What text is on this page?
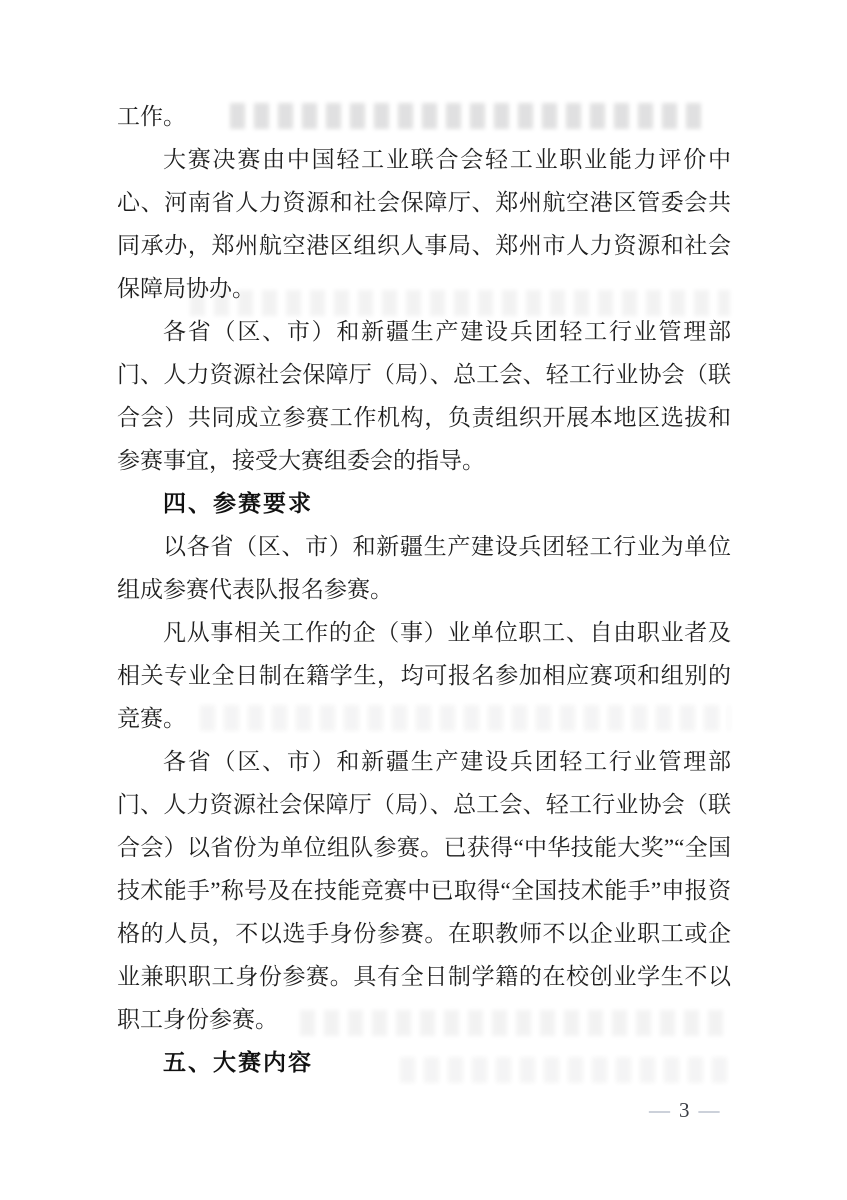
工作。

大赛决赛由中国轻工业联合会轻工业职业能力评价中心、河南省人力资源和社会保障厅、郑州航空港区管委会共同承办，郑州航空港区组织人事局、郑州市人力资源和社会保障局协办。

各省（区、市）和新疆生产建设兵团轻工行业管理部门、人力资源社会保障厅（局）、总工会、轻工行业协会（联合会）共同成立参赛工作机构，负责组织开展本地区选拔和参赛事宜，接受大赛组委会的指导。

四、参赛要求

以各省（区、市）和新疆生产建设兵团轻工行业为单位组成参赛代表队报名参赛。

凡从事相关工作的企（事）业单位职工、自由职业者及相关专业全日制在籍学生，均可报名参加相应赛项和组别的竞赛。

各省（区、市）和新疆生产建设兵团轻工行业管理部门、人力资源社会保障厅（局）、总工会、轻工行业协会（联合会）以省份为单位组队参赛。已获得“中华技能大奖”“全国技术能手”称号及在技能竞赛中已取得“全国技术能手”申报资格的人员，不以选手身份参赛。在职教师不以企业职工或企业兼职职工身份参赛。具有全日制学籍的在校创业学生不以职工身份参赛。

五、大赛内容
— 3 —
